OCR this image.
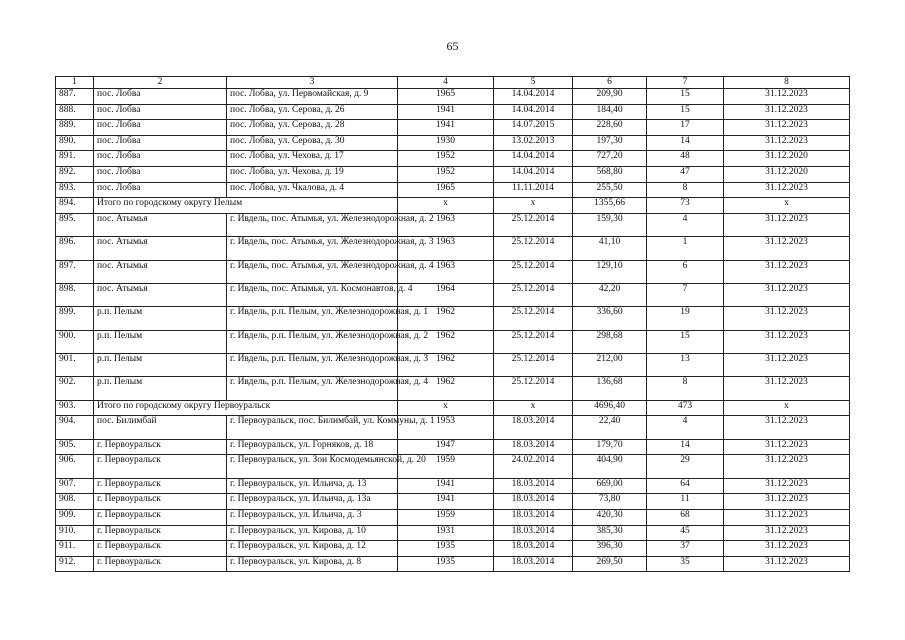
65
1	2	3	4	5	6	7	8
887.	пос. Лобва	пос. Лобва, ул. Первомайская, д. 9	1965	14.04.2014	209,90	15	31.12.2023
888.	пос. Лобва	пос. Лобва, ул. Серова, д. 26	1941	14.04.2014	184,40	15	31.12.2023
889.	пос. Лобва	пос. Лобва, ул. Серова, д. 28	1941	14.07.2015	228,60	17	31.12.2023
890.	пос. Лобва	пос. Лобва, ул. Серова, д. 30	1930	13.02.2013	197,30	14	31.12.2023
891.	пос. Лобва	пос. Лобва, ул. Чехова, д. 17	1952	14.04.2014	727,20	48	31.12.2020
892.	пос. Лобва	пос. Лобва, ул. Чехова, д. 19	1952	14.04.2014	568,80	47	31.12.2020
893.	пос. Лобва	пос. Лобва, ул. Чкалова, д. 4	1965	11.11.2014	255,50	8	31.12.2023
894.	Итого по городскому округу Пелым		x	x	1355,66	73	x
895.	пос. Атымья	г. Ивдель, пос. Атымья, ул. Железнодорожная, д. 2	1963	25.12.2014	159,30	4	31.12.2023
896.	пос. Атымья	г. Ивдель, пос. Атымья, ул. Железнодорожная, д. 3	1963	25.12.2014	41,10	1	31.12.2023
897.	пос. Атымья	г. Ивдель, пос. Атымья, ул. Железнодорожная, д. 4	1963	25.12.2014	129,10	6	31.12.2023
898.	пос. Атымья	г. Ивдель, пос. Атымья, ул. Космонавтов, д. 4	1964	25.12.2014	42,20	7	31.12.2023
899.	р.п. Пелым	г. Ивдель, р.п. Пелым, ул. Железнодорожная, д. 1	1962	25.12.2014	336,60	19	31.12.2023
900.	р.п. Пелым	г. Ивдель, р.п. Пелым, ул. Железнодорожная, д. 2	1962	25.12.2014	298,68	15	31.12.2023
901.	р.п. Пелым	г. Ивдель, р.п. Пелым, ул. Железнодорожная, д. 3	1962	25.12.2014	212,00	13	31.12.2023
902.	р.п. Пелым	г. Ивдель, р.п. Пелым, ул. Железнодорожная, д. 4	1962	25.12.2014	136,68	8	31.12.2023
903.	Итого по городскому округу Первоуральск		x	x	4696,40	473	x
904.	пос. Билимбай	г. Первоуральск, пос. Билимбай, ул. Коммуны, д. 1	1953	18.03.2014	22,40	4	31.12.2023
905.	г. Первоуральск	г. Первоуральск, ул. Горняков, д. 18	1947	18.03.2014	179,70	14	31.12.2023
906.	г. Первоуральск	г. Первоуральск, ул. Зои Космодемьянской, д. 20	1959	24.02.2014	404,90	29	31.12.2023
907.	г. Первоуральск	г. Первоуральск, ул. Ильича, д. 13	1941	18.03.2014	669,00	64	31.12.2023
908.	г. Первоуральск	г. Первоуральск, ул. Ильича, д. 13а	1941	18.03.2014	73,80	11	31.12.2023
909.	г. Первоуральск	г. Первоуральск, ул. Ильича, д. 3	1959	18.03.2014	420,30	68	31.12.2023
910.	г. Первоуральск	г. Первоуральск, ул. Кирова, д. 10	1931	18.03.2014	385,30	45	31.12.2023
911.	г. Первоуральск	г. Первоуральск, ул. Кирова, д. 12	1935	18.03.2014	396,30	37	31.12.2023
912.	г. Первоуральск	г. Первоуральск, ул. Кирова, д. 8	1935	18.03.2014	269,50	35	31.12.2023
